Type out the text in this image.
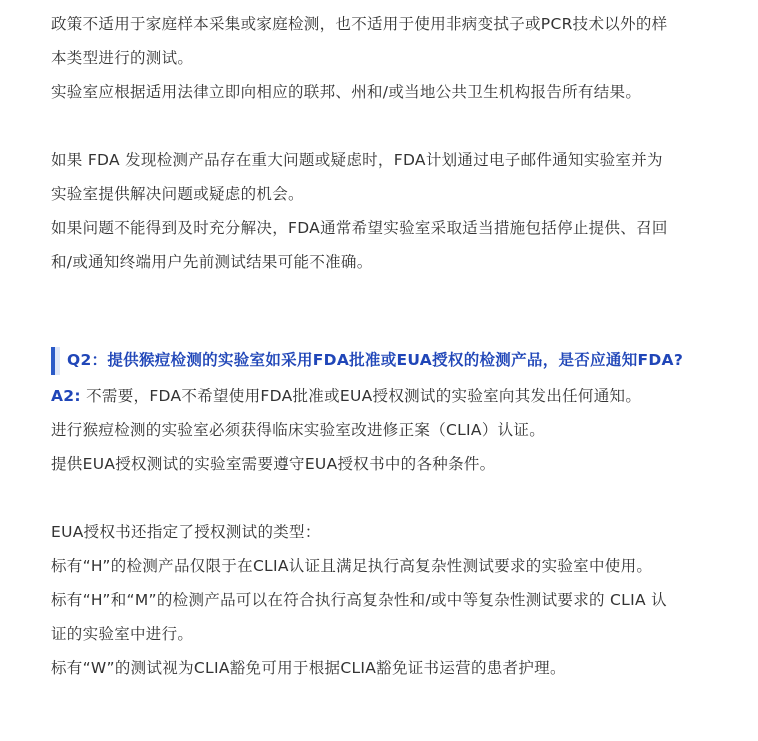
政策不适用于家庭样本采集或家庭检测，也不适用于使用非病变拭子或PCR技术以外的样

本类型进行的测试。

实验室应根据适用法律立即向相应的联邦、州和/或当地公共卫生机构报告所有结果。

如果 FDA 发现检测产品存在重大问题或疑虑时，FDA计划通过电子邮件通知实验室并为

实验室提供解决问题或疑虑的机会。

如果问题不能得到及时充分解决，FDA通常希望实验室采取适当措施包括停止提供、召回

和/或通知终端用户先前测试结果可能不准确。

Q2：提供猴痘检测的实验室如采用FDA批准或EUA授权的检测产品，是否应通知FDA?

A2: 不需要，FDA不希望使用FDA批准或EUA授权测试的实验室向其发出任何通知。

进行猴痘检测的实验室必须获得临床实验室改进修正案（CLIA）认证。

提供EUA授权测试的实验室需要遵守EUA授权书中的各种条件。

EUA授权书还指定了授权测试的类型：

标有“H”的检测产品仅限于在CLIA认证且满足执行高复杂性测试要求的实验室中使用。

标有“H”和“M”的检测产品可以在符合执行高复杂性和/或中等复杂性测试要求的 CLIA 认

证的实验室中进行。

标有“W”的测试视为CLIA豁免可用于根据CLIA豁免证书运营的患者护理。
